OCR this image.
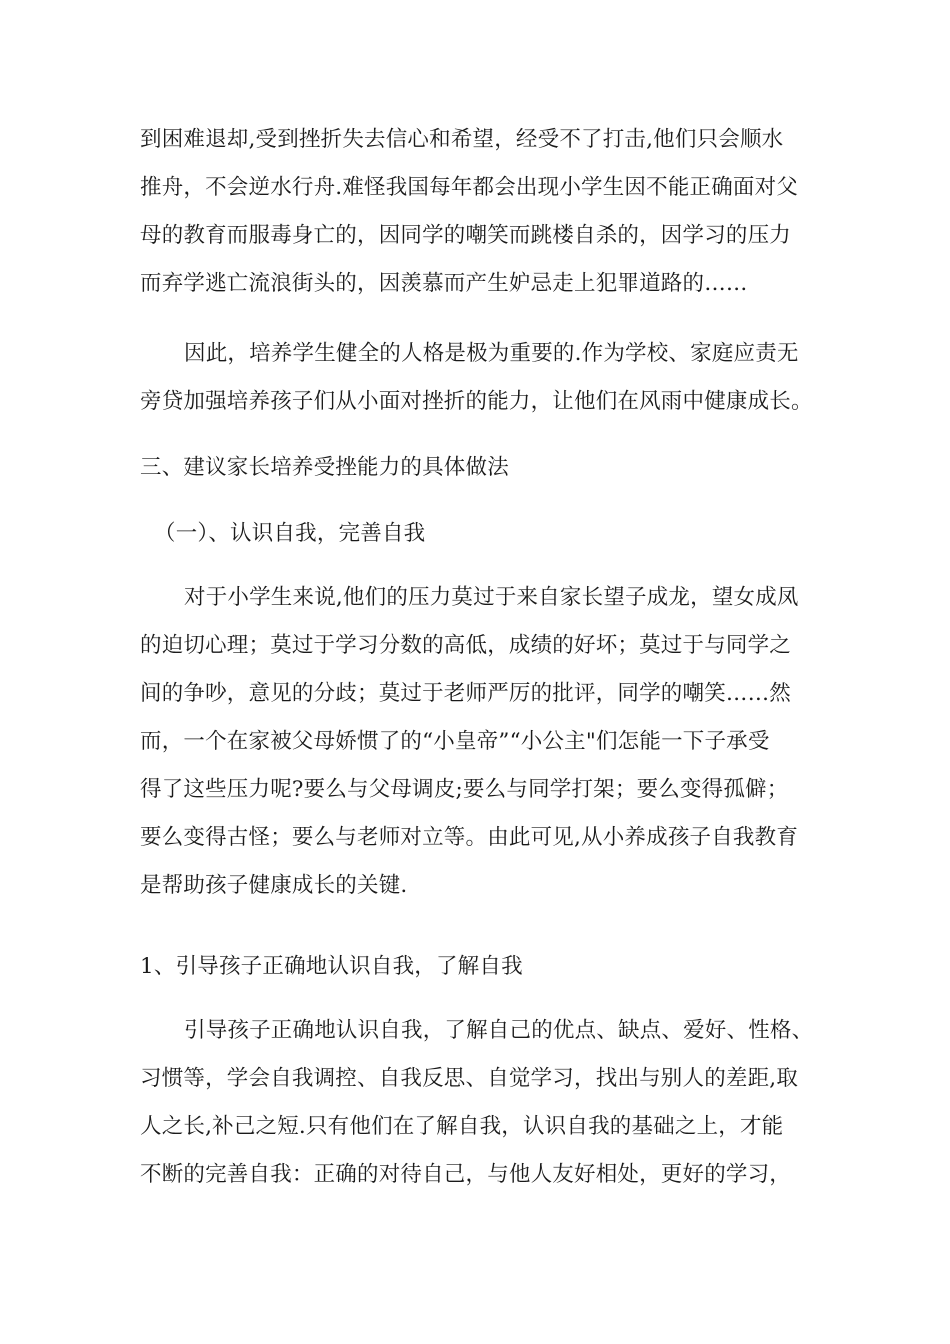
到困难退却,受到挫折失去信心和希望，经受不了打击,他们只会顺水
推舟，不会逆水行舟.难怪我国每年都会出现小学生因不能正确面对父
母的教育而服毒身亡的，因同学的嘲笑而跳楼自杀的，因学习的压力
而弃学逃亡流浪街头的，因羡慕而产生妒忌走上犯罪道路的……
因此，培养学生健全的人格是极为重要的.作为学校、家庭应责无
旁贷加强培养孩子们从小面对挫折的能力，让他们在风雨中健康成长。
三、建议家长培养受挫能力的具体做法
（一）、认识自我，完善自我
对于小学生来说,他们的压力莫过于来自家长望子成龙，望女成凤
的迫切心理；莫过于学习分数的高低，成绩的好坏；莫过于与同学之
间的争吵，意见的分歧；莫过于老师严厉的批评，同学的嘲笑……然
而，一个在家被父母娇惯了的“小皇帝”“小公主"们怎能一下子承受
得了这些压力呢?要么与父母调皮;要么与同学打架；要么变得孤僻；
要么变得古怪；要么与老师对立等。由此可见,从小养成孩子自我教育
是帮助孩子健康成长的关键.
1、引导孩子正确地认识自我，了解自我
引导孩子正确地认识自我，了解自己的优点、缺点、爱好、性格、
习惯等，学会自我调控、自我反思、自觉学习，找出与别人的差距,取
人之长,补己之短.只有他们在了解自我，认识自我的基础之上，才能
不断的完善自我：正确的对待自己，与他人友好相处，更好的学习，
